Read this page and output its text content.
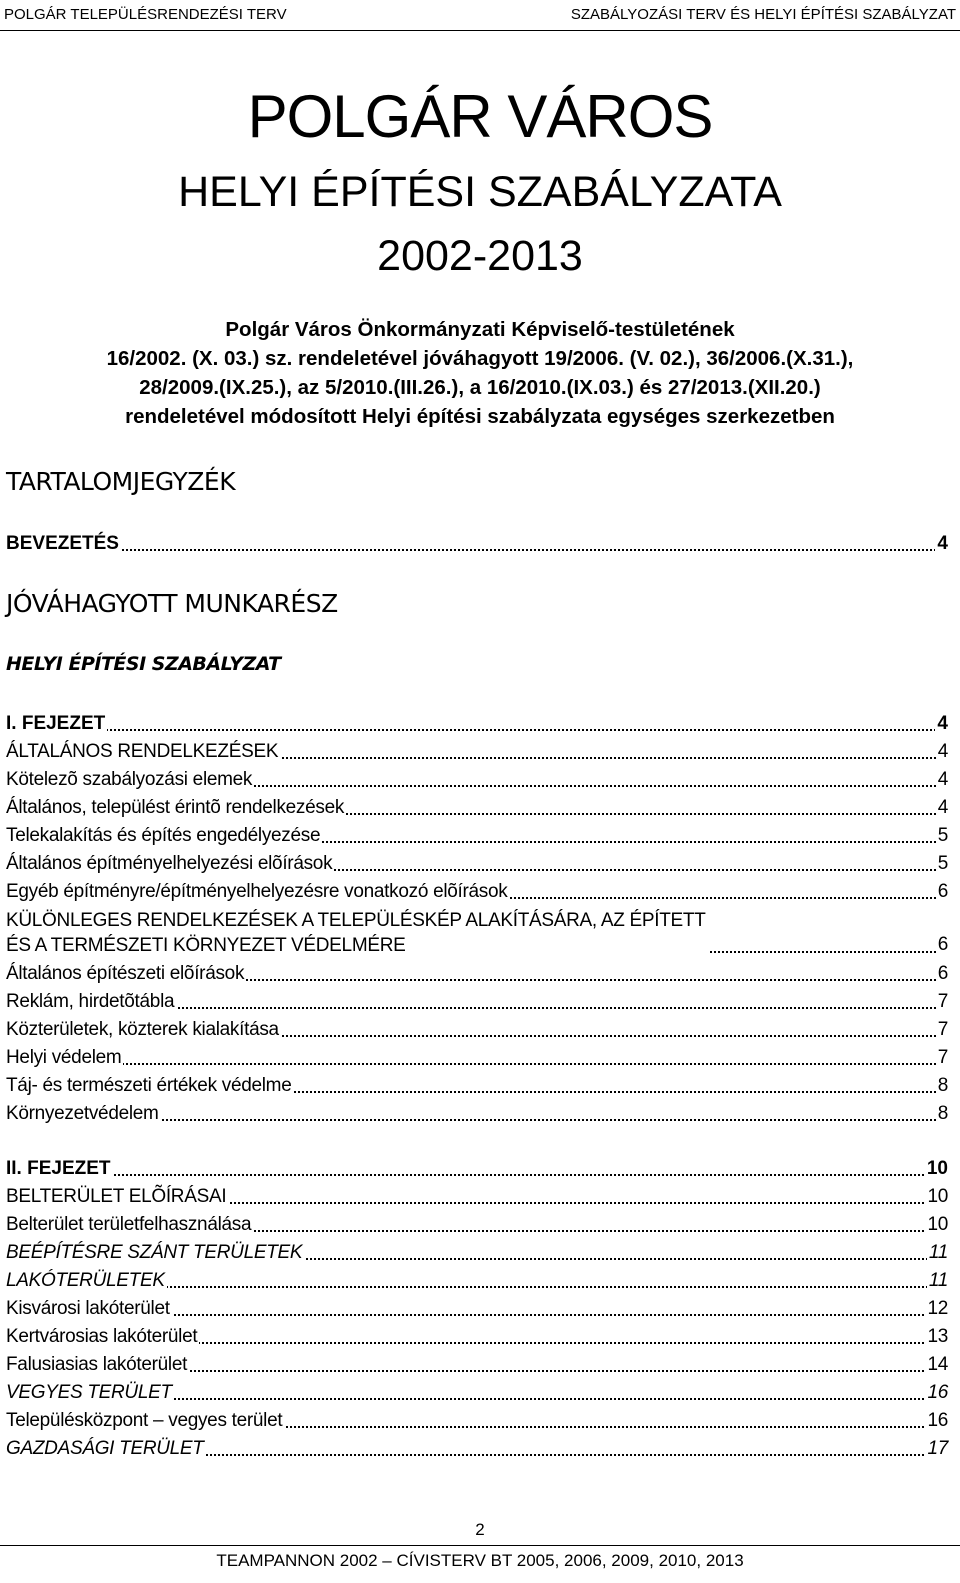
POLGÁR TELEPÜLÉSRENDEZÉSI TERV	SZABÁLYOZÁSI TERV ÉS HELYI ÉPÍTÉSI SZABÁLYZAT
POLGÁR VÁROS
HELYI ÉPÍTÉSI SZABÁLYZATA
2002-2013
Polgár Város Önkormányzati Képviselő-testületének
16/2002. (X. 03.) sz. rendeletével jóváhagyott 19/2006. (V. 02.), 36/2006.(X.31.),
28/2009.(IX.25.), az 5/2010.(III.26.), a 16/2010.(IX.03.) és 27/2013.(XII.20.)
rendeletével módosított Helyi építési szabályzata egységes szerkezetben
TARTALOMJEGYZÉK
BEVEZETÉS	4
JÓVÁHAGYOTT MUNKARÉSZ
HELYI ÉPÍTÉSI SZABÁLYZAT
I. FEJEZET	4
ÁLTALÁNOS RENDELKEZÉSEK	4
Kötelezõ szabályozási elemek	4
Általános, települést érintõ rendelkezések	4
Telekalakítás és építés engedélyezése	5
Általános építményelhelyezési elõírások	5
Egyéb építményre/építményelhelyezésre vonatkozó elõírások	6
KÜLÖNLEGES RENDELKEZÉSEK A TELEPÜLÉSKÉP ALAKÍTÁSÁRA, AZ ÉPÍTETT
ÉS A TERMÉSZETI KÖRNYEZET VÉDELMÉRE	6
Általános építészeti elõírások	6
Reklám, hirdetõtábla	7
Közterületek, közterek kialakítása	7
Helyi védelem	7
Táj- és természeti értékek védelme	8
Környezetvédelem	8
II. FEJEZET	10
BELTERÜLET ELÕÍRÁSAI	10
Belterület területfelhasználása	10
BEÉPÍTÉSRE SZÁNT TERÜLETEK	11
LAKÓTERÜLETEK	11
Kisvárosi lakóterület	12
Kertvárosias lakóterület	13
Falusiasias lakóterület	14
VEGYES TERÜLET	16
Településközpont – vegyes terület	16
GAZDASÁGI TERÜLET	17
2
TEAMPANNON 2002 – CÍVISTERV BT 2005, 2006, 2009, 2010, 2013
